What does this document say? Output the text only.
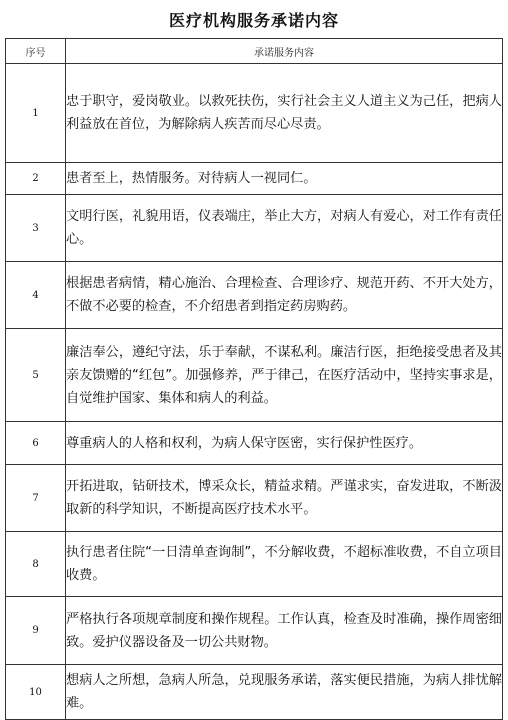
医疗机构服务承诺内容
序号	承诺服务内容
1	忠于职守，爱岗敬业。以救死扶伤，实行社会主义人道主义为己任，把病人利益放在首位，为解除病人疾苦而尽心尽责。
2	患者至上，热情服务。对待病人一视同仁。
3	文明行医，礼貌用语，仪表端庄，举止大方，对病人有爱心，对工作有责任心。
4	根据患者病情，精心施治、合理检查、合理诊疗、规范开药、不开大处方，不做不必要的检查，不介绍患者到指定药房购药。
5	廉洁奉公，遵纪守法，乐于奉献，不谋私利。廉洁行医，拒绝接受患者及其亲友馈赠的“红包”。加强修养，严于律己，在医疗活动中，坚持实事求是，自觉维护国家、集体和病人的利益。
6	尊重病人的人格和权利，为病人保守医密，实行保护性医疗。
7	开拓进取，钻研技术，博采众长，精益求精。严谨求实，奋发进取，不断汲取新的科学知识，不断提高医疗技术水平。
8	执行患者住院“一日清单查询制”，不分解收费，不超标准收费，不自立项目收费。
9	严格执行各项规章制度和操作规程。工作认真，检查及时准确，操作周密细致。爱护仪器设备及一切公共财物。
10	想病人之所想，急病人所急，兑现服务承诺，落实便民措施，为病人排忧解难。
